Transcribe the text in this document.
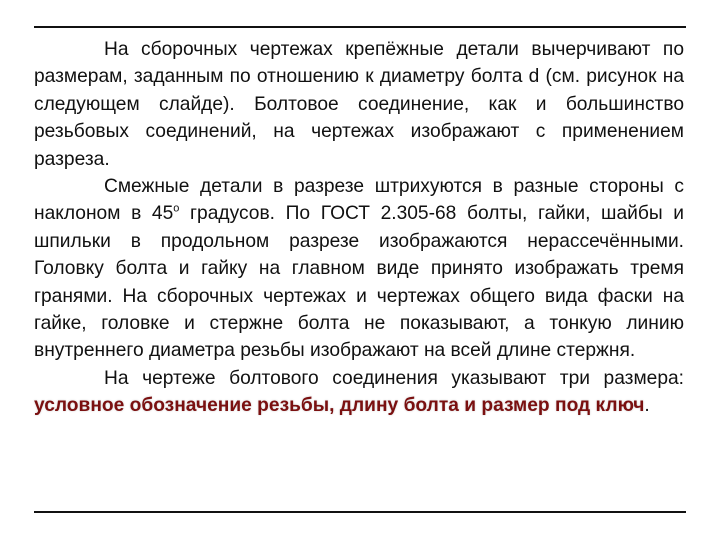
На сборочных чертежах крепёжные детали вычерчивают по размерам, заданным по отношению к диаметру болта d (см. рисунок на следующем слайде). Болтовое соединение, как и большинство резьбовых соединений, на чертежах изображают с применением разреза.

Смежные детали в разрезе штрихуются в разные стороны с наклоном в $45^о$ градусов. По ГОСТ 2.305-68 болты, гайки, шайбы и шпильки в продольном разрезе изображаются нерассечёнными. Головку болта и гайку на главном виде принято изображать тремя гранями. На сборочных чертежах и чертежах общего вида фаски на гайке, головке и стержне болта не показывают, а тонкую линию внутреннего диаметра резьбы изображают на всей длине стержня.

На чертеже болтового соединения указывают три размера: условное обозначение резьбы, длину болта и размер под ключ.
